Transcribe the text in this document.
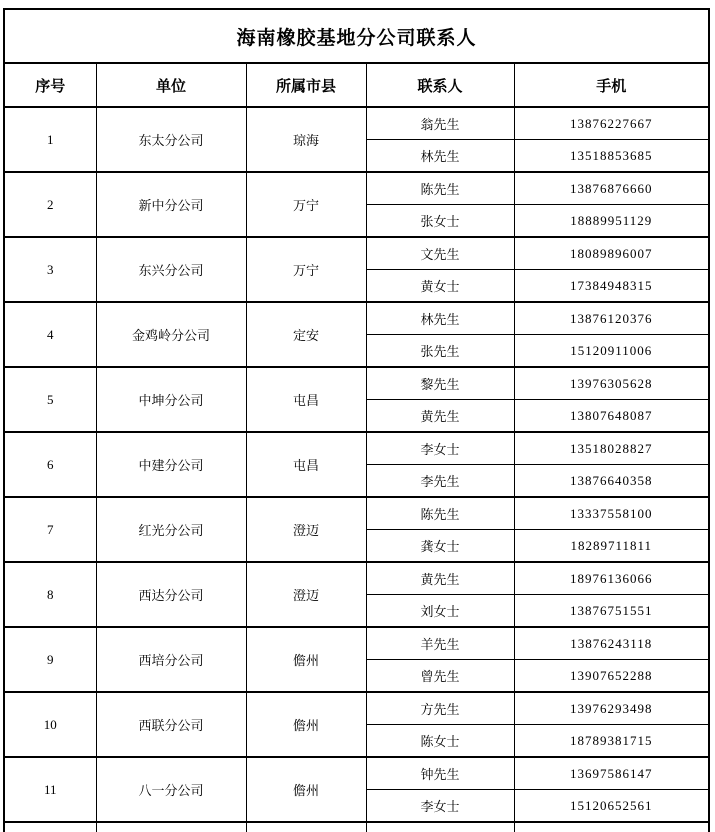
海南橡胶基地分公司联系人				
序号	单位	所属市县	联系人	手机
1	东太分公司	琼海	翁先生	13876227667
			林先生	13518853685
2	新中分公司	万宁	陈先生	13876876660
			张女士	18889951129
3	东兴分公司	万宁	文先生	18089896007
			黄女士	17384948315
4	金鸡岭分公司	定安	林先生	13876120376
			张先生	15120911006
5	中坤分公司	屯昌	黎先生	13976305628
			黄先生	13807648087
6	中建分公司	屯昌	李女士	13518028827
			李先生	13876640358
7	红光分公司	澄迈	陈先生	13337558100
			龚女士	18289711811
8	西达分公司	澄迈	黄先生	18976136066
			刘女士	13876751551
9	西培分公司	儋州	羊先生	13876243118
			曾先生	13907652288
10	西联分公司	儋州	方先生	13976293498
			陈女士	18789381715
11	八一分公司	儋州	钟先生	13697586147
			李女士	15120652561
